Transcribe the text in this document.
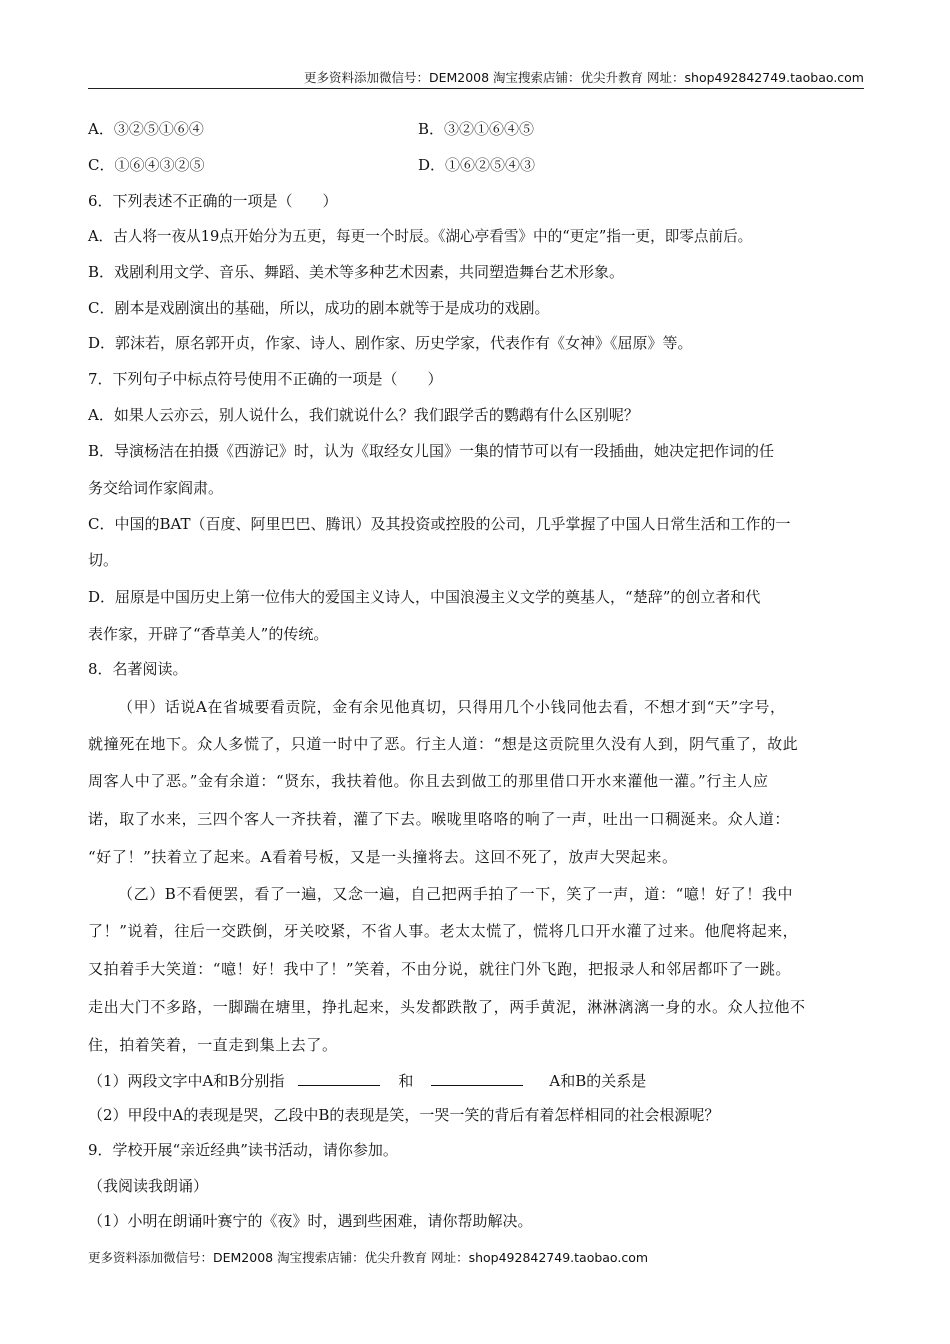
更多资料添加微信号：DEM2008 淘宝搜索店铺：优尖升教育 网址：shop492842749.taobao.com
A．③②⑤①⑥④	B．③②①⑥④⑤
C．①⑥④③②⑤	D．①⑥②⑤④③
6．下列表述不正确的一项是（　　）
A．古人将一夜从19点开始分为五更，每更一个时辰。《湖心亭看雪》中的“更定”指一更，即零点前后。
B．戏剧利用文学、音乐、舞蹈、美术等多种艺术因素，共同塑造舞台艺术形象。
C．剧本是戏剧演出的基础，所以，成功的剧本就等于是成功的戏剧。
D．郭沫若，原名郭开贞，作家、诗人、剧作家、历史学家，代表作有《女神》《屈原》等。
7．下列句子中标点符号使用不正确的一项是（　　）
A．如果人云亦云，别人说什么，我们就说什么？我们跟学舌的鹦鹉有什么区别呢？
B．导演杨洁在拍摄《西游记》时，认为《取经女儿国》一集的情节可以有一段插曲，她决定把作词的任
务交给词作家阎肃。
C．中国的BAT（百度、阿里巴巴、腾讯）及其投资或控股的公司，几乎掌握了中国人日常生活和工作的一
切。
D．屈原是中国历史上第一位伟大的爱国主义诗人，中国浪漫主义文学的奠基人，“楚辞”的创立者和代
表作家，开辟了“香草美人”的传统。
8．名著阅读。
（甲）话说A在省城要看贡院，金有余见他真切，只得用几个小钱同他去看，不想才到“天”字号，
就撞死在地下。众人多慌了，只道一时中了恶。行主人道：“想是这贡院里久没有人到，阴气重了，故此
周客人中了恶。”金有余道：“贤东，我扶着他。你且去到做工的那里借口开水来灌他一灌。”行主人应
诺，取了水来，三四个客人一齐扶着，灌了下去。喉咙里咯咯的响了一声，吐出一口稠涎来。众人道：
“好了！”扶着立了起来。A看着号板，又是一头撞将去。这回不死了，放声大哭起来。
（乙）B不看便罢，看了一遍，又念一遍，自己把两手拍了一下，笑了一声，道：“噫！好了！我中
了！”说着，往后一交跌倒，牙关咬紧，不省人事。老太太慌了，慌将几口开水灌了过来。他爬将起来，
又拍着手大笑道：“噫！好！我中了！”笑着，不由分说，就往门外飞跑，把报录人和邻居都吓了一跳。
走出大门不多路，一脚踹在塘里，挣扎起来，头发都跌散了，两手黄泥，淋淋漓漓一身的水。众人拉他不
住，拍着笑着，一直走到集上去了。
（1）两段文字中A和B分别指	和	A和B的关系是
（2）甲段中A的表现是哭，乙段中B的表现是笑，一哭一笑的背后有着怎样相同的社会根源呢？
9．学校开展“亲近经典”读书活动，请你参加。
（我阅读我朗诵）
（1）小明在朗诵叶赛宁的《夜》时，遇到些困难，请你帮助解决。
更多资料添加微信号：DEM2008 淘宝搜索店铺：优尖升教育 网址：shop492842749.taobao.com
